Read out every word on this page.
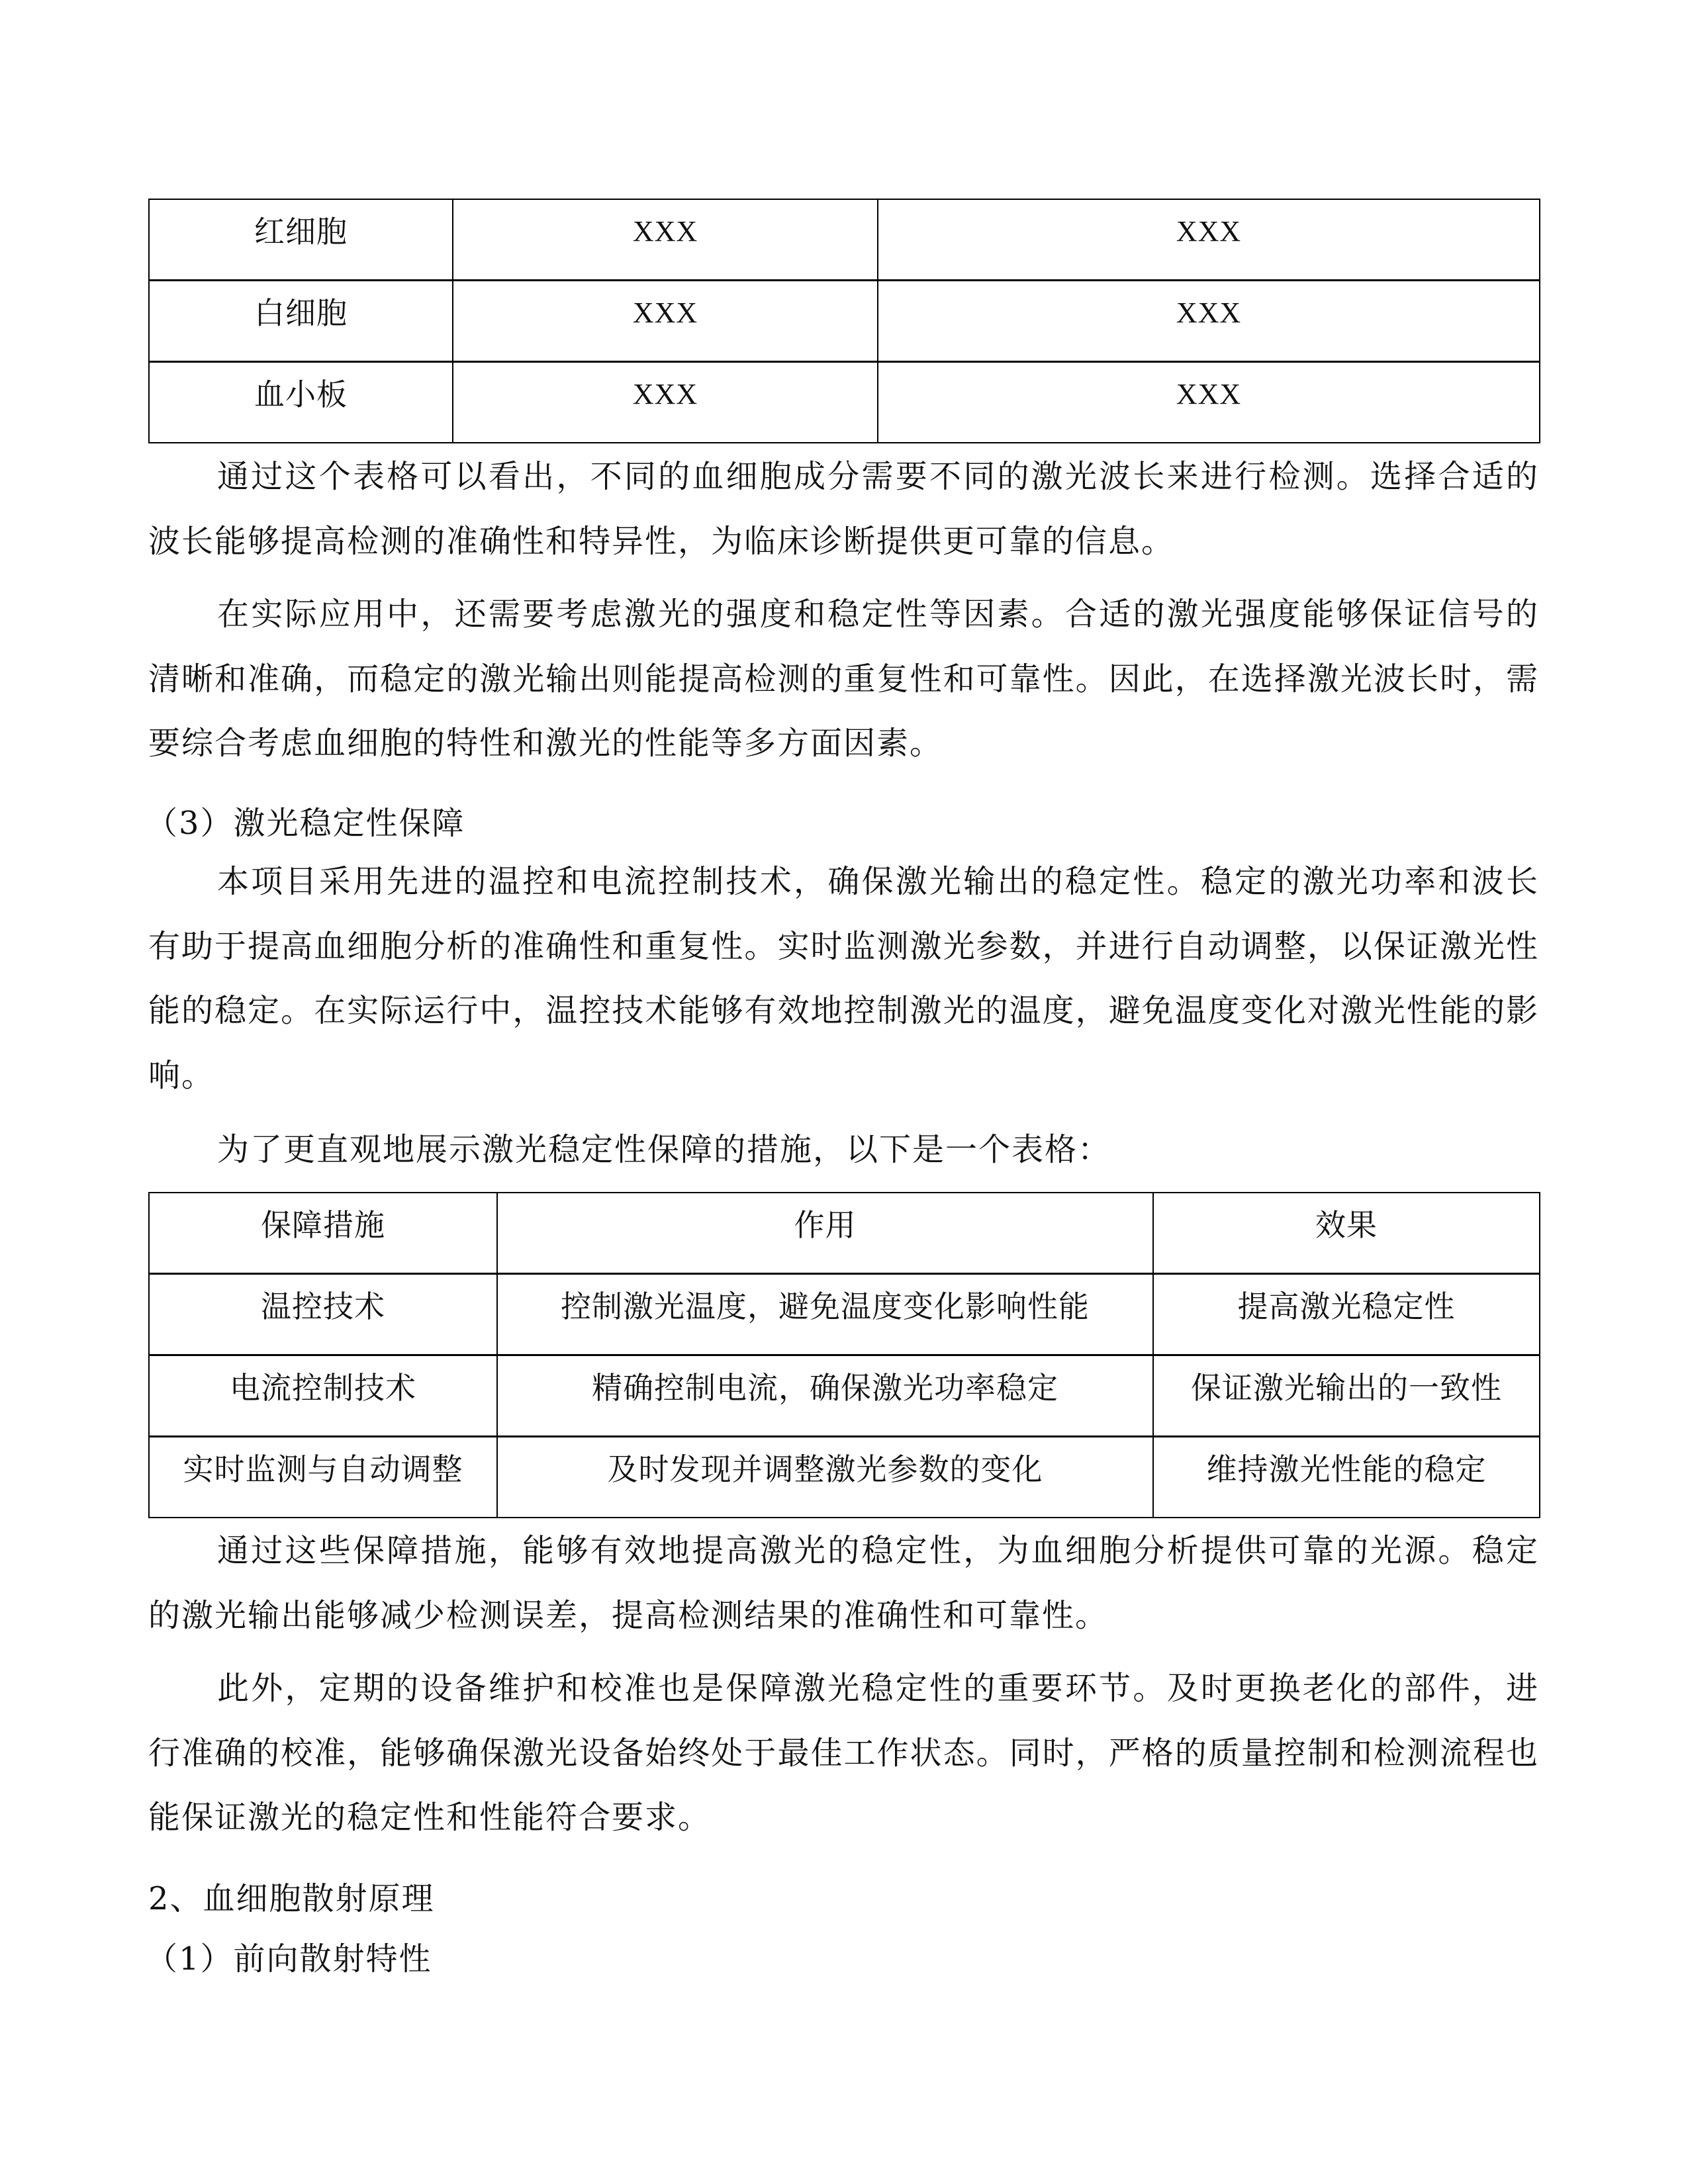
红细胞	XXX	XXX
白细胞	XXX	XXX
血小板	XXX	XXX

通过这个表格可以看出，不同的血细胞成分需要不同的激光波长来进行检测。选择合适的波长能够提高检测的准确性和特异性，为临床诊断提供更可靠的信息。

在实际应用中，还需要考虑激光的强度和稳定性等因素。合适的激光强度能够保证信号的清晰和准确，而稳定的激光输出则能提高检测的重复性和可靠性。因此，在选择激光波长时，需要综合考虑血细胞的特性和激光的性能等多方面因素。

（3）激光稳定性保障

本项目采用先进的温控和电流控制技术，确保激光输出的稳定性。稳定的激光功率和波长有助于提高血细胞分析的准确性和重复性。实时监测激光参数，并进行自动调整，以保证激光性能的稳定。在实际运行中，温控技术能够有效地控制激光的温度，避免温度变化对激光性能的影响。

为了更直观地展示激光稳定性保障的措施，以下是一个表格：

保障措施	作用	效果
温控技术	控制激光温度，避免温度变化影响性能	提高激光稳定性
电流控制技术	精确控制电流，确保激光功率稳定	保证激光输出的一致性
实时监测与自动调整	及时发现并调整激光参数的变化	维持激光性能的稳定

通过这些保障措施，能够有效地提高激光的稳定性，为血细胞分析提供可靠的光源。稳定的激光输出能够减少检测误差，提高检测结果的准确性和可靠性。

此外，定期的设备维护和校准也是保障激光稳定性的重要环节。及时更换老化的部件，进行准确的校准，能够确保激光设备始终处于最佳工作状态。同时，严格的质量控制和检测流程也能保证激光的稳定性和性能符合要求。

2、血细胞散射原理

（1）前向散射特性
